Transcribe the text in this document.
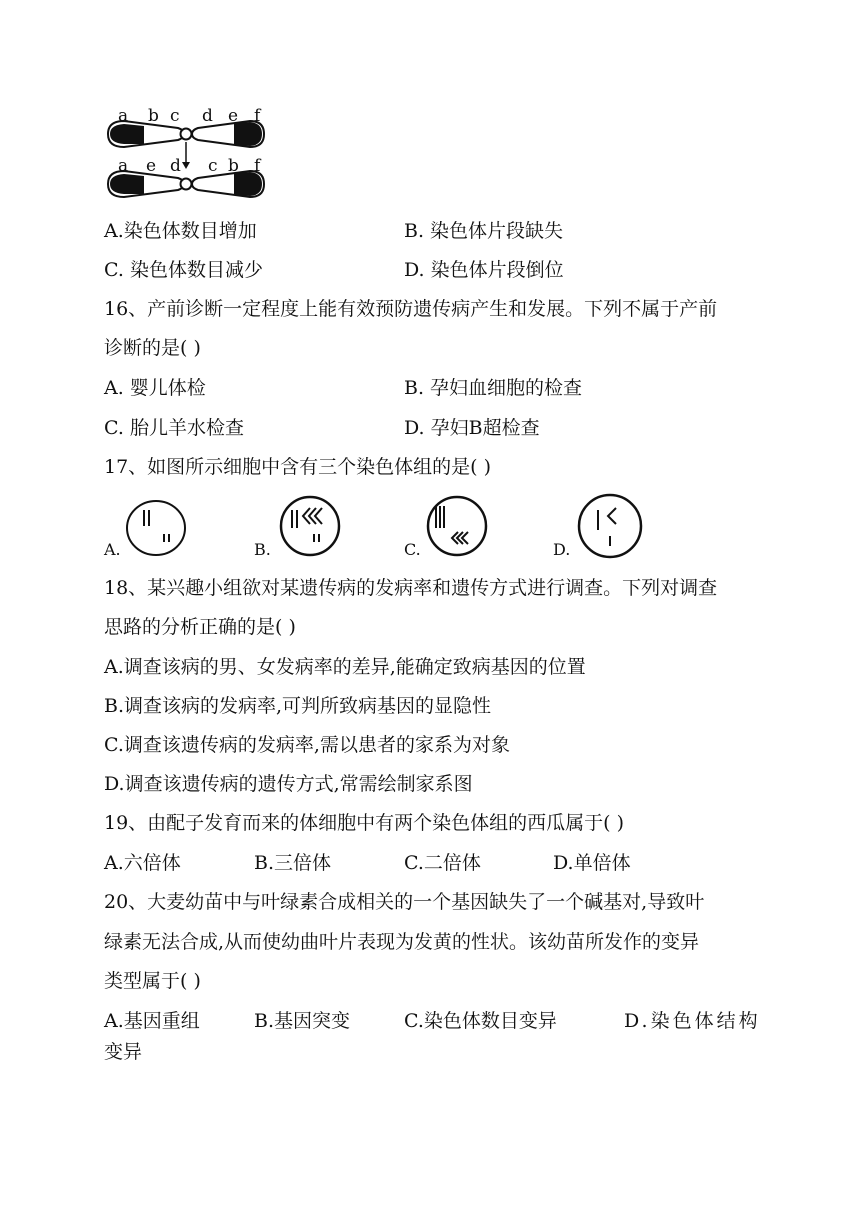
a b c d e f
a e d c b f
A.染色体数目增加	B. 染色体片段缺失
C. 染色体数目减少	D. 染色体片段倒位
16、产前诊断一定程度上能有效预防遗传病产生和发展。下列不属于产前
诊断的是( )
A. 婴儿体检	B. 孕妇血细胞的检查
C. 胎儿羊水检查	D. 孕妇B超检查
17、如图所示细胞中含有三个染色体组的是( )
A.	B.	C.	D.
18、某兴趣小组欲对某遗传病的发病率和遗传方式进行调查。下列对调查
思路的分析正确的是( )
A.调查该病的男、女发病率的差异,能确定致病基因的位置
B.调查该病的发病率,可判所致病基因的显隐性
C.调查该遗传病的发病率,需以患者的家系为对象
D.调查该遗传病的遗传方式,常需绘制家系图
19、由配子发育而来的体细胞中有两个染色体组的西瓜属于( )
A.六倍体	B.三倍体	C.二倍体	D.单倍体
20、大麦幼苗中与叶绿素合成相关的一个基因缺失了一个碱基对,导致叶
绿素无法合成,从而使幼曲叶片表现为发黄的性状。该幼苗所发作的变异
类型属于( )
A.基因重组	B.基因突变	C.染色体数目变异	D.染色体结构
变异
